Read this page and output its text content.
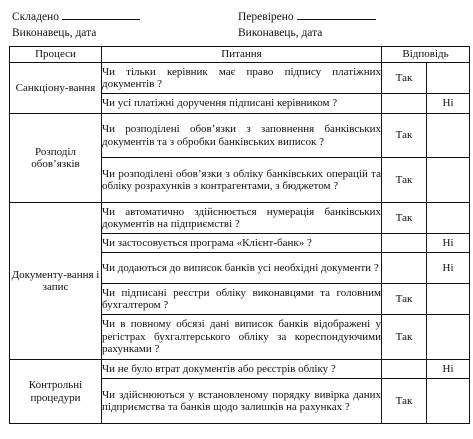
Складено
Виконавець, дата
Перевірено
Виконавець, дата
Процеси	Питання	Відповідь	
Санкціону-вання	Чи тільки керівник має право підпису платіжних документів ?	Так	
	Чи усі платіжні доручення підписані керівником ?		Ні
Розподіл обов’язків	Чи розподілені обов’язки з заповнення банківських документів та з обробки банківських виписок ?	Так	
	Чи розподілені обов’язки з обліку банківських операцій та обліку розрахунків з контрагентами, з бюджетом ?	Так	
Документу-вання і запис	Чи автоматично здійснюється нумерація банківських документів на підприємстві ?	Так	
	Чи застосовується програма «Клієнт-банк» ?		Ні
	Чи додаються до виписок банків усі необхідні документи ?		Ні
	Чи підписані реєстри обліку виконавцями та головним бухгалтером ?	Так	
	Чи в повному обсязі дані виписок банків відображені у регістрах бухгалтерського обліку за кореспондуючими рахунками ?	Так	
Контрольні процедури	Чи не було втрат документів або реєстрів обліку ?		Ні
	Чи здійснюються у встановленому порядку вивірка даних підприємства та банків щодо залишків на рахунках ?	Так	
